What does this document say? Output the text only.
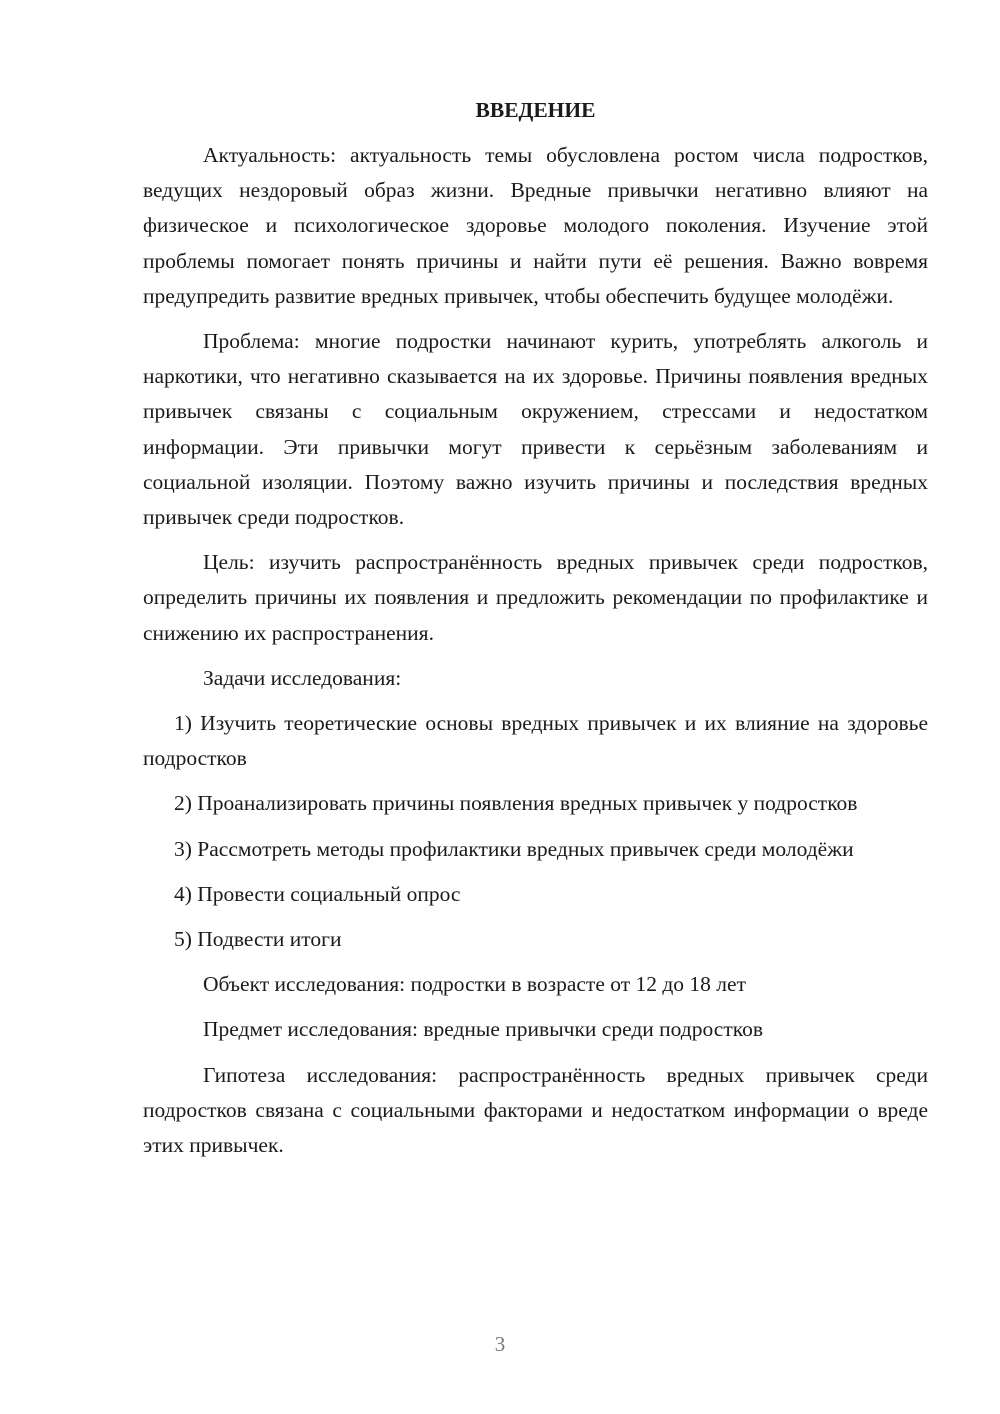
ВВЕДЕНИЕ

Актуальность: актуальность темы обусловлена ростом числа подростков, ведущих нездоровый образ жизни. Вредные привычки негативно влияют на физическое и психологическое здоровье молодого поколения. Изучение этой проблемы помогает понять причины и найти пути её решения. Важно вовремя предупредить развитие вредных привычек, чтобы обеспечить будущее молодёжи.

Проблема: многие подростки начинают курить, употреблять алкоголь и наркотики, что негативно сказывается на их здоровье. Причины появления вредных привычек связаны с социальным окружением, стрессами и недостатком информации. Эти привычки могут привести к серьёзным заболеваниям и социальной изоляции. Поэтому важно изучить причины и последствия вредных привычек среди подростков.

Цель: изучить распространённость вредных привычек среди подростков, определить причины их появления и предложить рекомендации по профилактике и снижению их распространения.

Задачи исследования:

1) Изучить теоретические основы вредных привычек и их влияние на здоровье подростков

2) Проанализировать причины появления вредных привычек у подростков

3) Рассмотреть методы профилактики вредных привычек среди молодёжи

4) Провести социальный опрос

5) Подвести итоги

Объект исследования: подростки в возрасте от 12 до 18 лет

Предмет исследования: вредные привычки среди подростков

Гипотеза исследования: распространённость вредных привычек среди подростков связана с социальными факторами и недостатком информации о вреде этих привычек.

3
